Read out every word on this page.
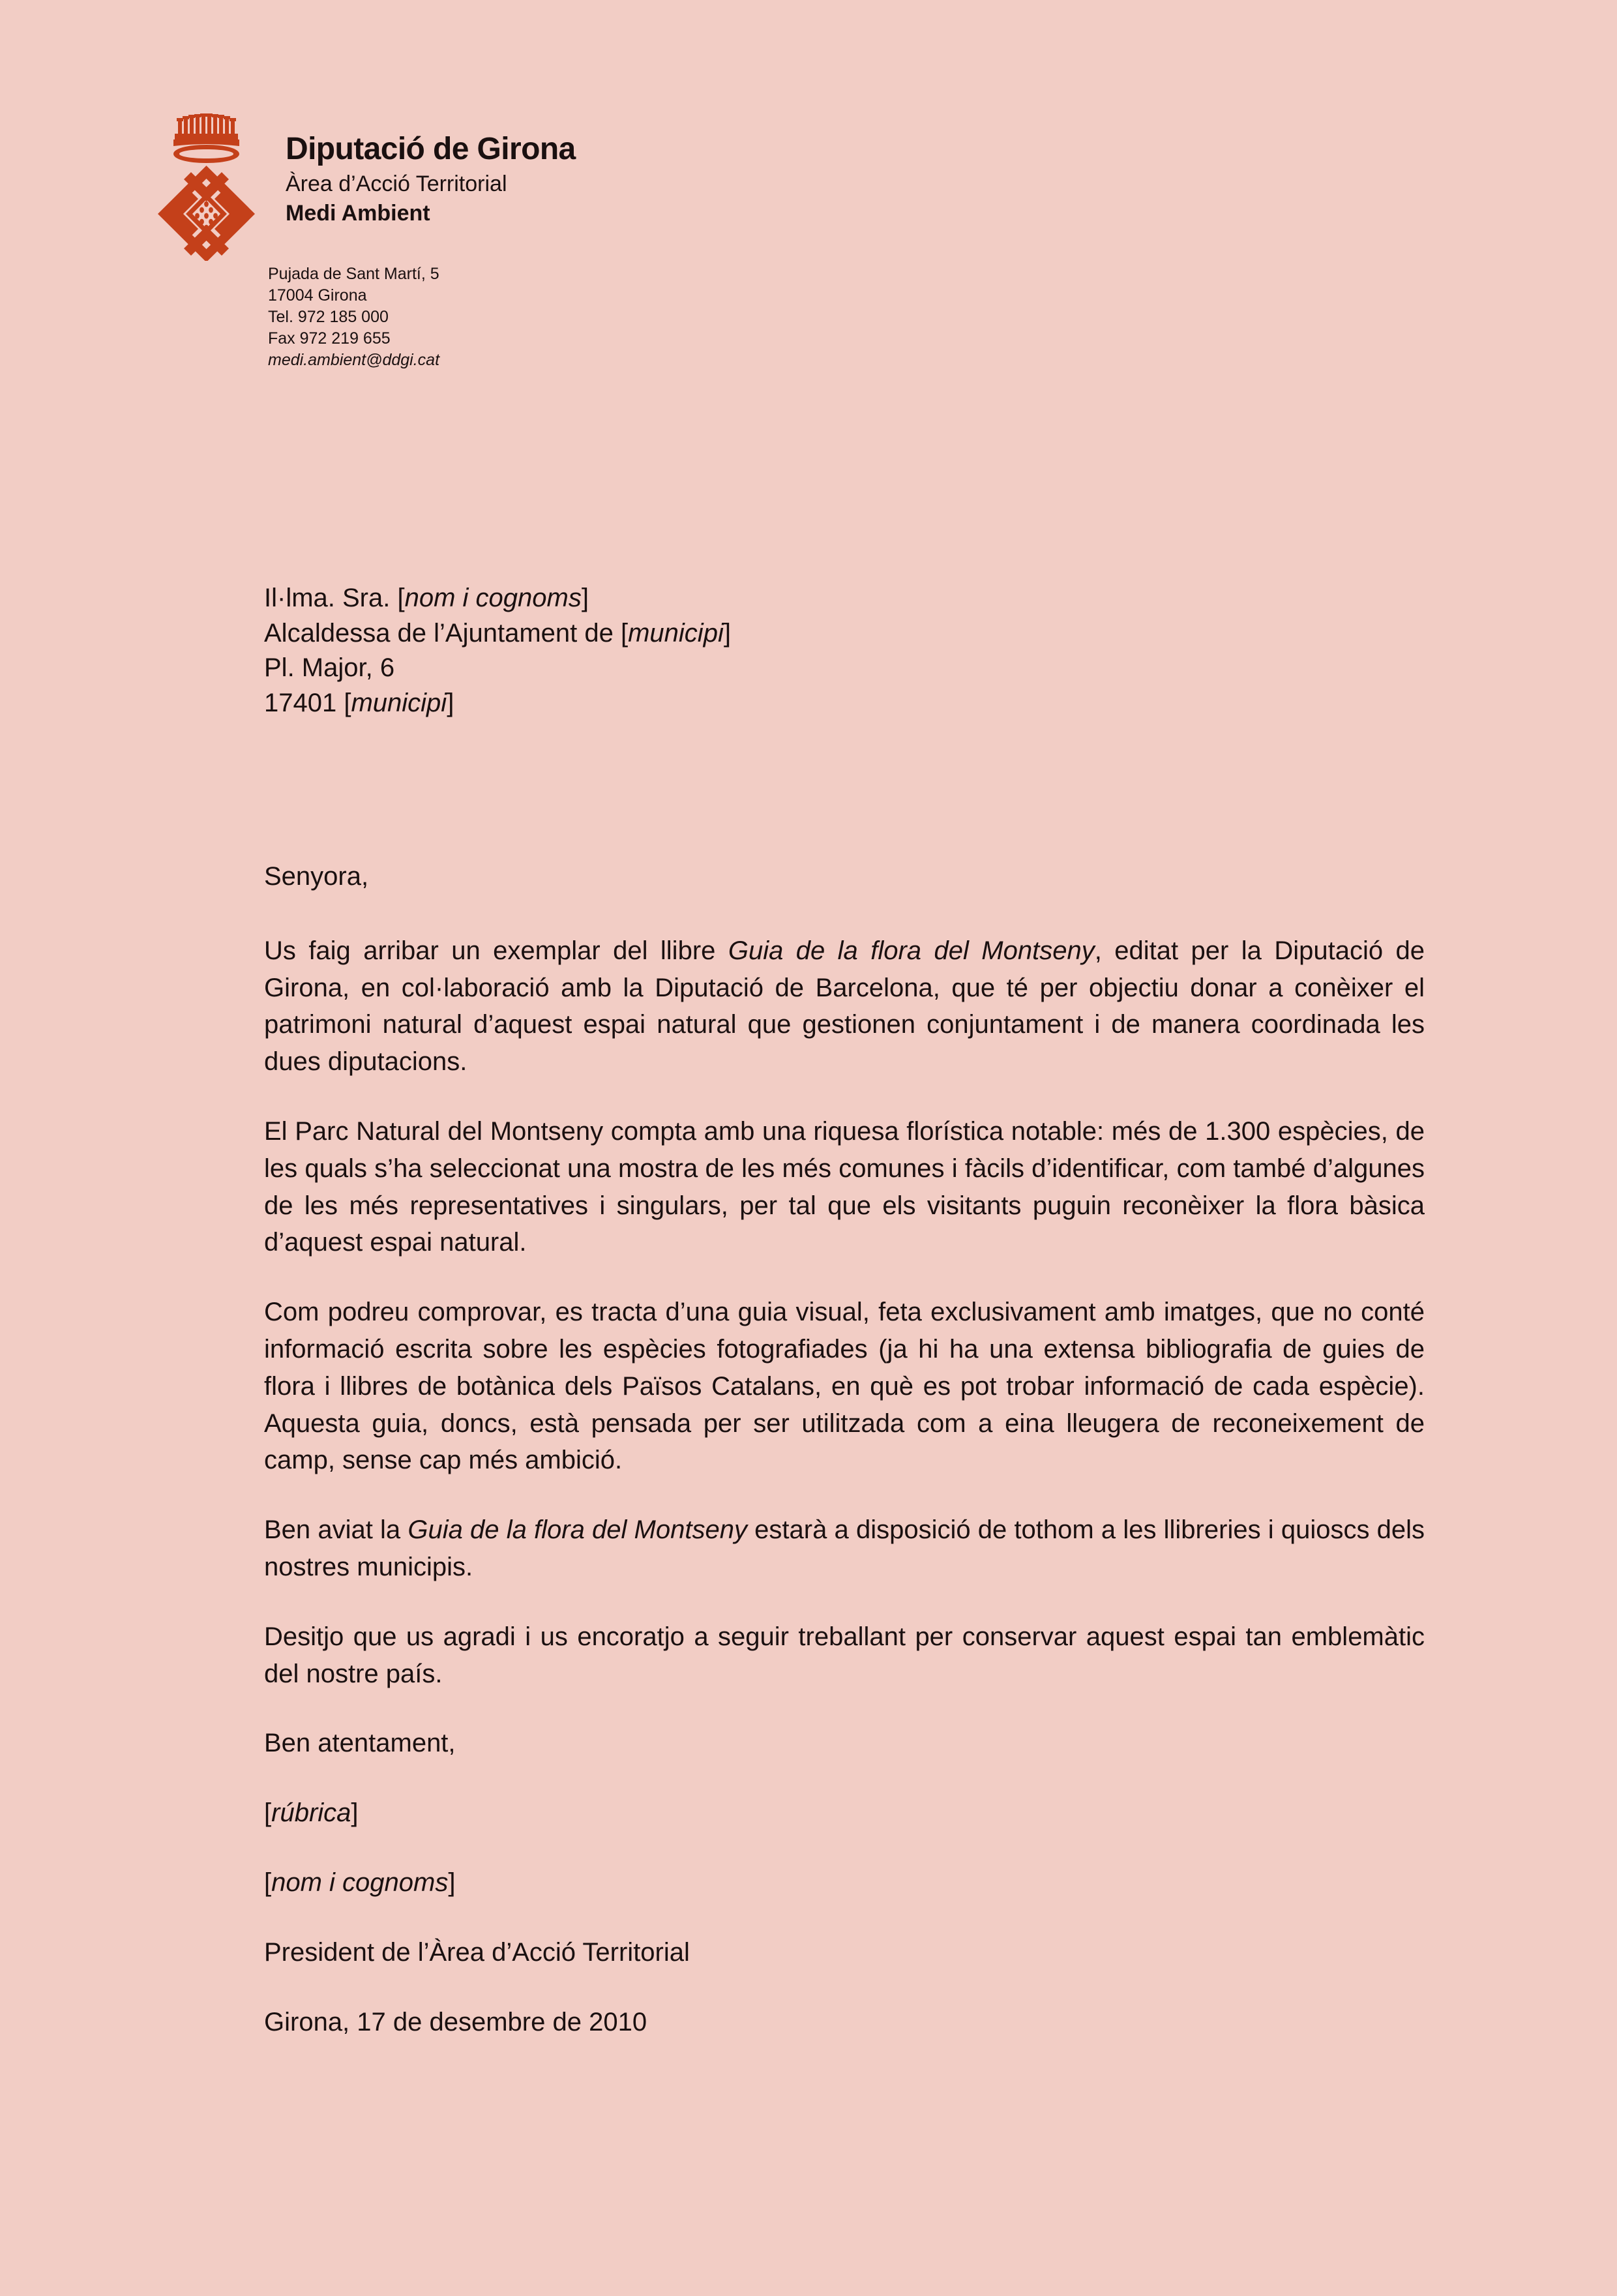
Diputació de Girona
Àrea d’Acció Territorial
Medi Ambient
Pujada de Sant Martí, 5
17004 Girona
Tel. 972 185 000
Fax 972 219 655
medi.ambient@ddgi.cat
Il·lma. Sra. [nom i cognoms]
Alcaldessa de l’Ajuntament de [municipi]
Pl. Major, 6
17401 [municipi]

Senyora,

Us faig arribar un exemplar del llibre Guia de la flora del Montseny, editat per la Diputació de Girona, en col·laboració amb la Diputació de Barcelona, que té per objectiu donar a conèixer el patrimoni natural d’aquest espai natural que gestionen conjuntament i de manera coordinada les dues diputacions.

El Parc Natural del Montseny compta amb una riquesa florística notable: més de 1.300 espècies, de les quals s’ha seleccionat una mostra de les més comunes i fàcils d’identificar, com també d’algunes de les més representatives i singulars, per tal que els visitants puguin reconèixer la flora bàsica d’aquest espai natural.

Com podreu comprovar, es tracta d’una guia visual, feta exclusivament amb imatges, que no conté informació escrita sobre les espècies fotografiades (ja hi ha una extensa bibliografia de guies de flora i llibres de botànica dels Països Catalans, en què es pot trobar informació de cada espècie). Aquesta guia, doncs, està pensada per ser utilitzada com a eina lleugera de reconeixement de camp, sense cap més ambició.

Ben aviat la Guia de la flora del Montseny estarà a disposició de tothom a les llibreries i quioscs dels nostres municipis.

Desitjo que us agradi i us encoratjo a seguir treballant per conservar aquest espai tan emblemàtic del nostre país.

Ben atentament,

[rúbrica]

[nom i cognoms]

President de l’Àrea d’Acció Territorial

Girona, 17 de desembre de 2010
